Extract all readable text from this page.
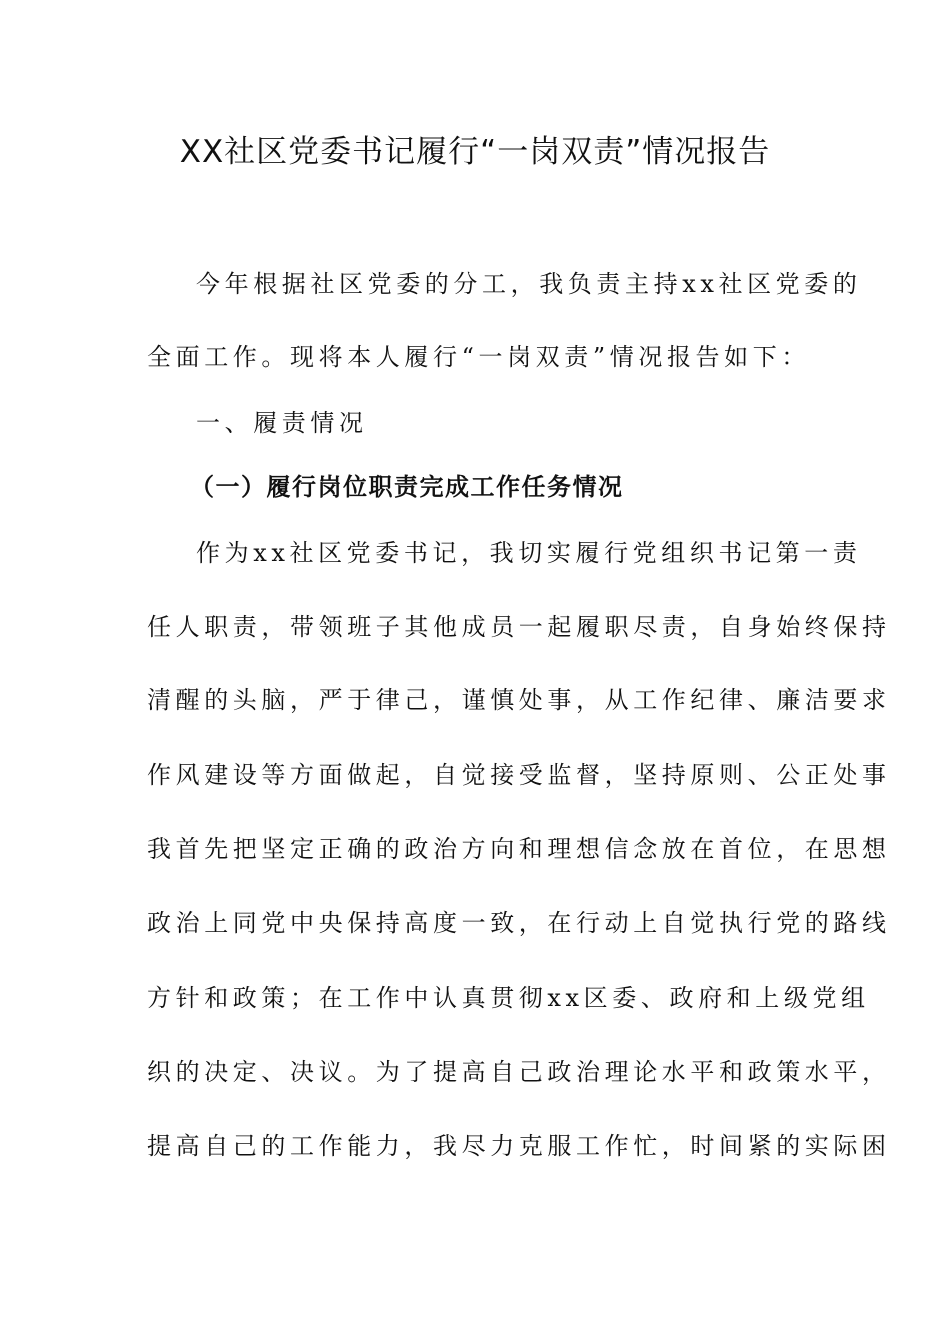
XX社区党委书记履行“一岗双责”情况报告
今年根据社区党委的分工，我负责主持xx社区党委的
全面工作。现将本人履行“一岗双责”情况报告如下：
一、履责情况
（一）履行岗位职责完成工作任务情况
作为xx社区党委书记，我切实履行党组织书记第一责
任人职责，带领班子其他成员一起履职尽责，自身始终保持
清醒的头脑，严于律己，谨慎处事，从工作纪律、廉洁要求
作风建设等方面做起，自觉接受监督，坚持原则、公正处事
我首先把坚定正确的政治方向和理想信念放在首位，在思想
政治上同党中央保持高度一致，在行动上自觉执行党的路线
方针和政策；在工作中认真贯彻xx区委、政府和上级党组
织的决定、决议。为了提高自己政治理论水平和政策水平，
提高自己的工作能力，我尽力克服工作忙，时间紧的实际困
